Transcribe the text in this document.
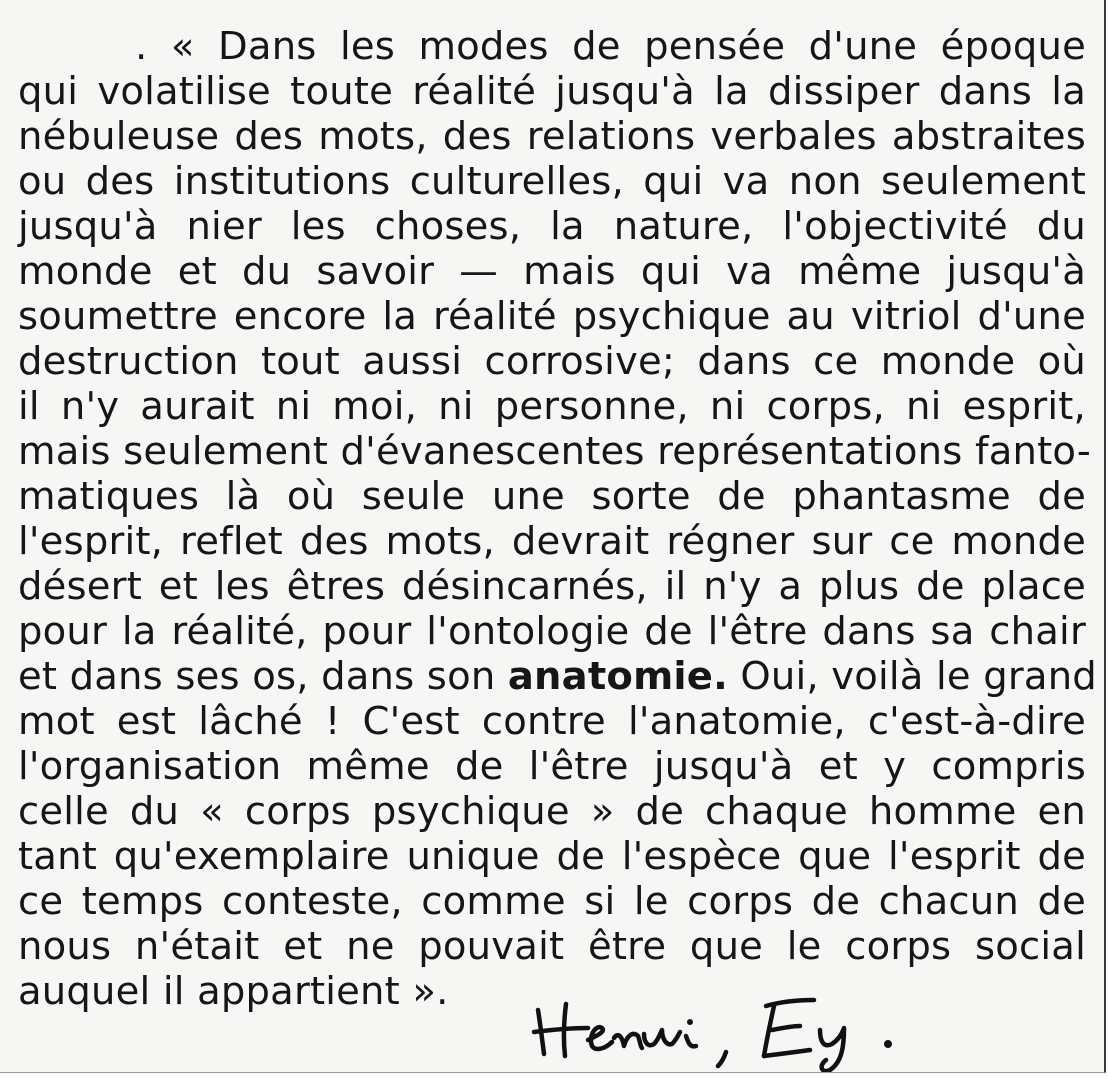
. « Dans les modes de pensée d'une époque
qui volatilise toute réalité jusqu'à la dissiper dans la
nébuleuse des mots, des relations verbales abstraites
ou des institutions culturelles, qui va non seulement
jusqu'à nier les choses, la nature, l'objectivité du
monde et du savoir — mais qui va même jusqu'à
soumettre encore la réalité psychique au vitriol d'une
destruction tout aussi corrosive; dans ce monde où
il n'y aurait ni moi, ni personne, ni corps, ni esprit,
mais seulement d'évanescentes représentations fanto-
matiques là où seule une sorte de phantasme de
l'esprit, reflet des mots, devrait régner sur ce monde
désert et les êtres désincarnés, il n'y a plus de place
pour la réalité, pour l'ontologie de l'être dans sa chair
et dans ses os, dans son anatomie. Oui, voilà le grand
mot est lâché ! C'est contre l'anatomie, c'est-à-dire
l'organisation même de l'être jusqu'à et y compris
celle du « corps psychique » de chaque homme en
tant qu'exemplaire unique de l'espèce que l'esprit de
ce temps conteste, comme si le corps de chacun de
nous n'était et ne pouvait être que le corps social
auquel il appartient ».
